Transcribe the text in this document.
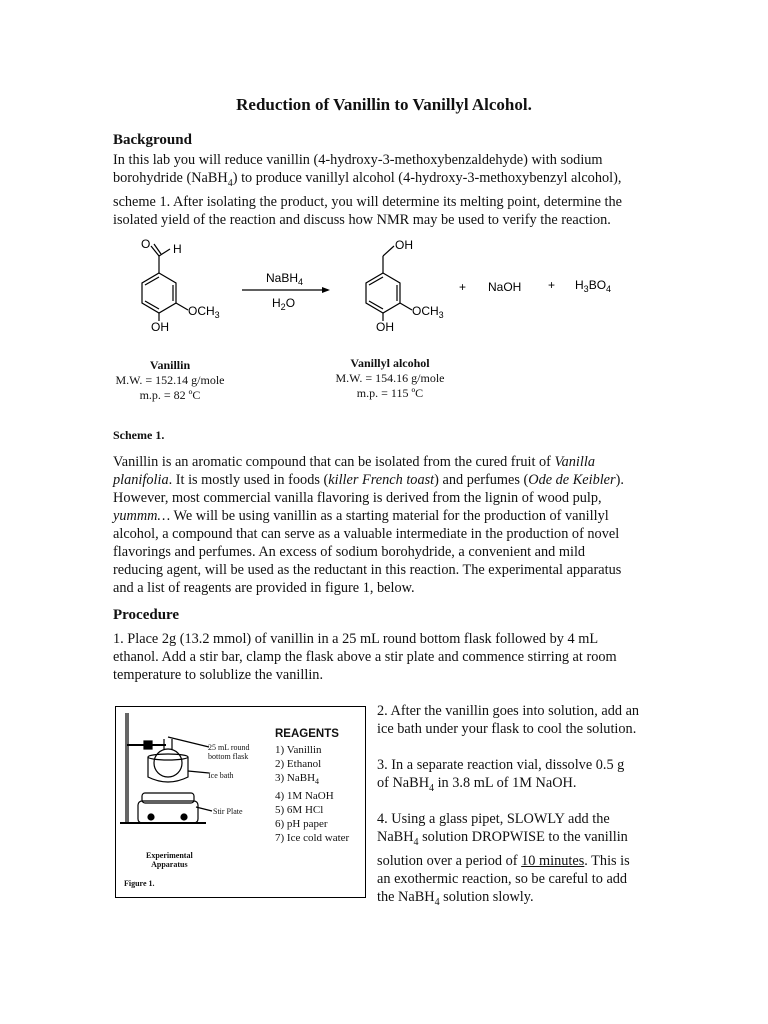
Reduction of Vanillin to Vanillyl Alcohol.
Background

In this lab you will reduce vanillin (4-hydroxy-3-methoxybenzaldehyde) with sodium
borohydride (NaBH$_4$) to produce vanillyl alcohol (4-hydroxy-3-methoxybenzyl alcohol),
scheme 1. After isolating the product, you will determine its melting point, determine the
isolated yield of the reaction and discuss how NMR may be used to verify the reaction.

O H
$OCH_3$
OH
NaBH$_4$
$H_2O$
OH
$OCH_3$
OH
+ NaOH + $H_3BO_4$
Vanillin
M.W. = 152.14 g/mole
m.p. = 82 ºC
Vanillyl alcohol
M.W. = 154.16 g/mole
m.p. = 115 ºC
Scheme 1.

Vanillin is an aromatic compound that can be isolated from the cured fruit of Vanilla
planifolia. It is mostly used in foods (killer French toast) and perfumes (Ode de Keibler).
However, most commercial vanilla flavoring is derived from the lignin of wood pulp,
yummm… We will be using vanillin as a starting material for the production of vanillyl
alcohol, a compound that can serve as a valuable intermediate in the production of novel
flavorings and perfumes. An excess of sodium borohydride, a convenient and mild
reducing agent, will be used as the reductant in this reaction. The experimental apparatus
and a list of reagents are provided in figure 1, below.

Procedure

1. Place 2g (13.2 mmol) of vanillin in a 25 mL round bottom flask followed by 4 mL
ethanol. Add a stir bar, clamp the flask above a stir plate and commence stirring at room
temperature to solublize the vanillin.

25 mL round
bottom flask
Ice bath
Stir Plate
Experimental
Apparatus
Figure 1.
REAGENTS
1) Vanillin
2) Ethanol
3) NaBH$_4$
4) 1M NaOH
5) 6M HCl
6) pH paper
7) Ice cold water

2. After the vanillin goes into solution, add an
ice bath under your flask to cool the solution.

3. In a separate reaction vial, dissolve 0.5 g
of NaBH$_4$ in 3.8 mL of 1M NaOH.

4. Using a glass pipet, SLOWLY add the
NaBH$_4$ solution DROPWISE to the vanillin
solution over a period of 10 minutes. This is
an exothermic reaction, so be careful to add
the NaBH$_4$ solution slowly.
